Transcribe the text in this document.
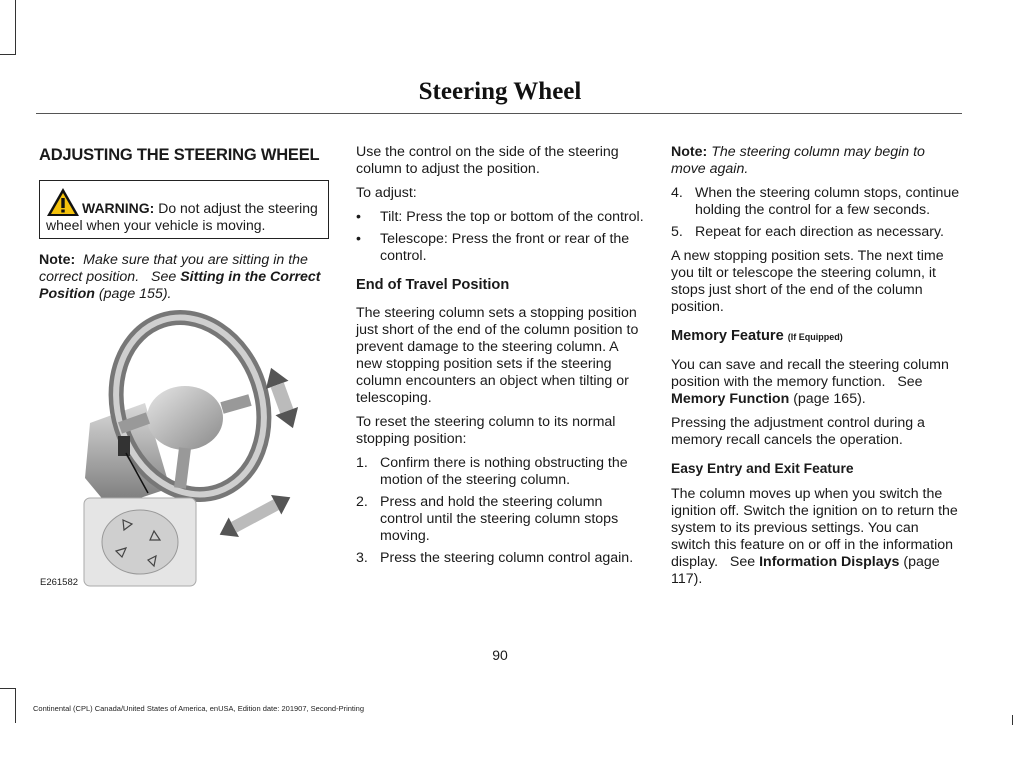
Steering Wheel
ADJUSTING THE STEERING WHEEL
WARNING: Do not adjust the steering
wheel when your vehicle is moving.

Note: Make sure that you are sitting in the correct position. See Sitting in the Correct Position (page 155).

E261582

Use the control on the side of the steering column to adjust the position.

To adjust:

• Tilt: Press the top or bottom of the control.
• Telescope: Press the front or rear of the control.
End of Travel Position

The steering column sets a stopping position just short of the end of the column position to prevent damage to the steering column. A new stopping position sets if the steering column encounters an object when tilting or telescoping.

To reset the steering column to its normal stopping position:

1. Confirm there is nothing obstructing the motion of the steering column.
2. Press and hold the steering column control until the steering column stops moving.
3. Press the steering column control again.

Note: The steering column may begin to move again.

4. When the steering column stops, continue holding the control for a few seconds.
5. Repeat for each direction as necessary.

A new stopping position sets. The next time you tilt or telescope the steering column, it stops just short of the end of the column position.

Memory Feature (If Equipped)

You can save and recall the steering column position with the memory function. See Memory Function (page 165).

Pressing the adjustment control during a memory recall cancels the operation.

Easy Entry and Exit Feature

The column moves up when you switch the ignition off. Switch the ignition on to return the system to its previous settings. You can switch this feature on or off in the information display. See Information Displays (page 117).

90
Continental (CPL) Canada/United States of America, enUSA, Edition date: 201907, Second-Printing
